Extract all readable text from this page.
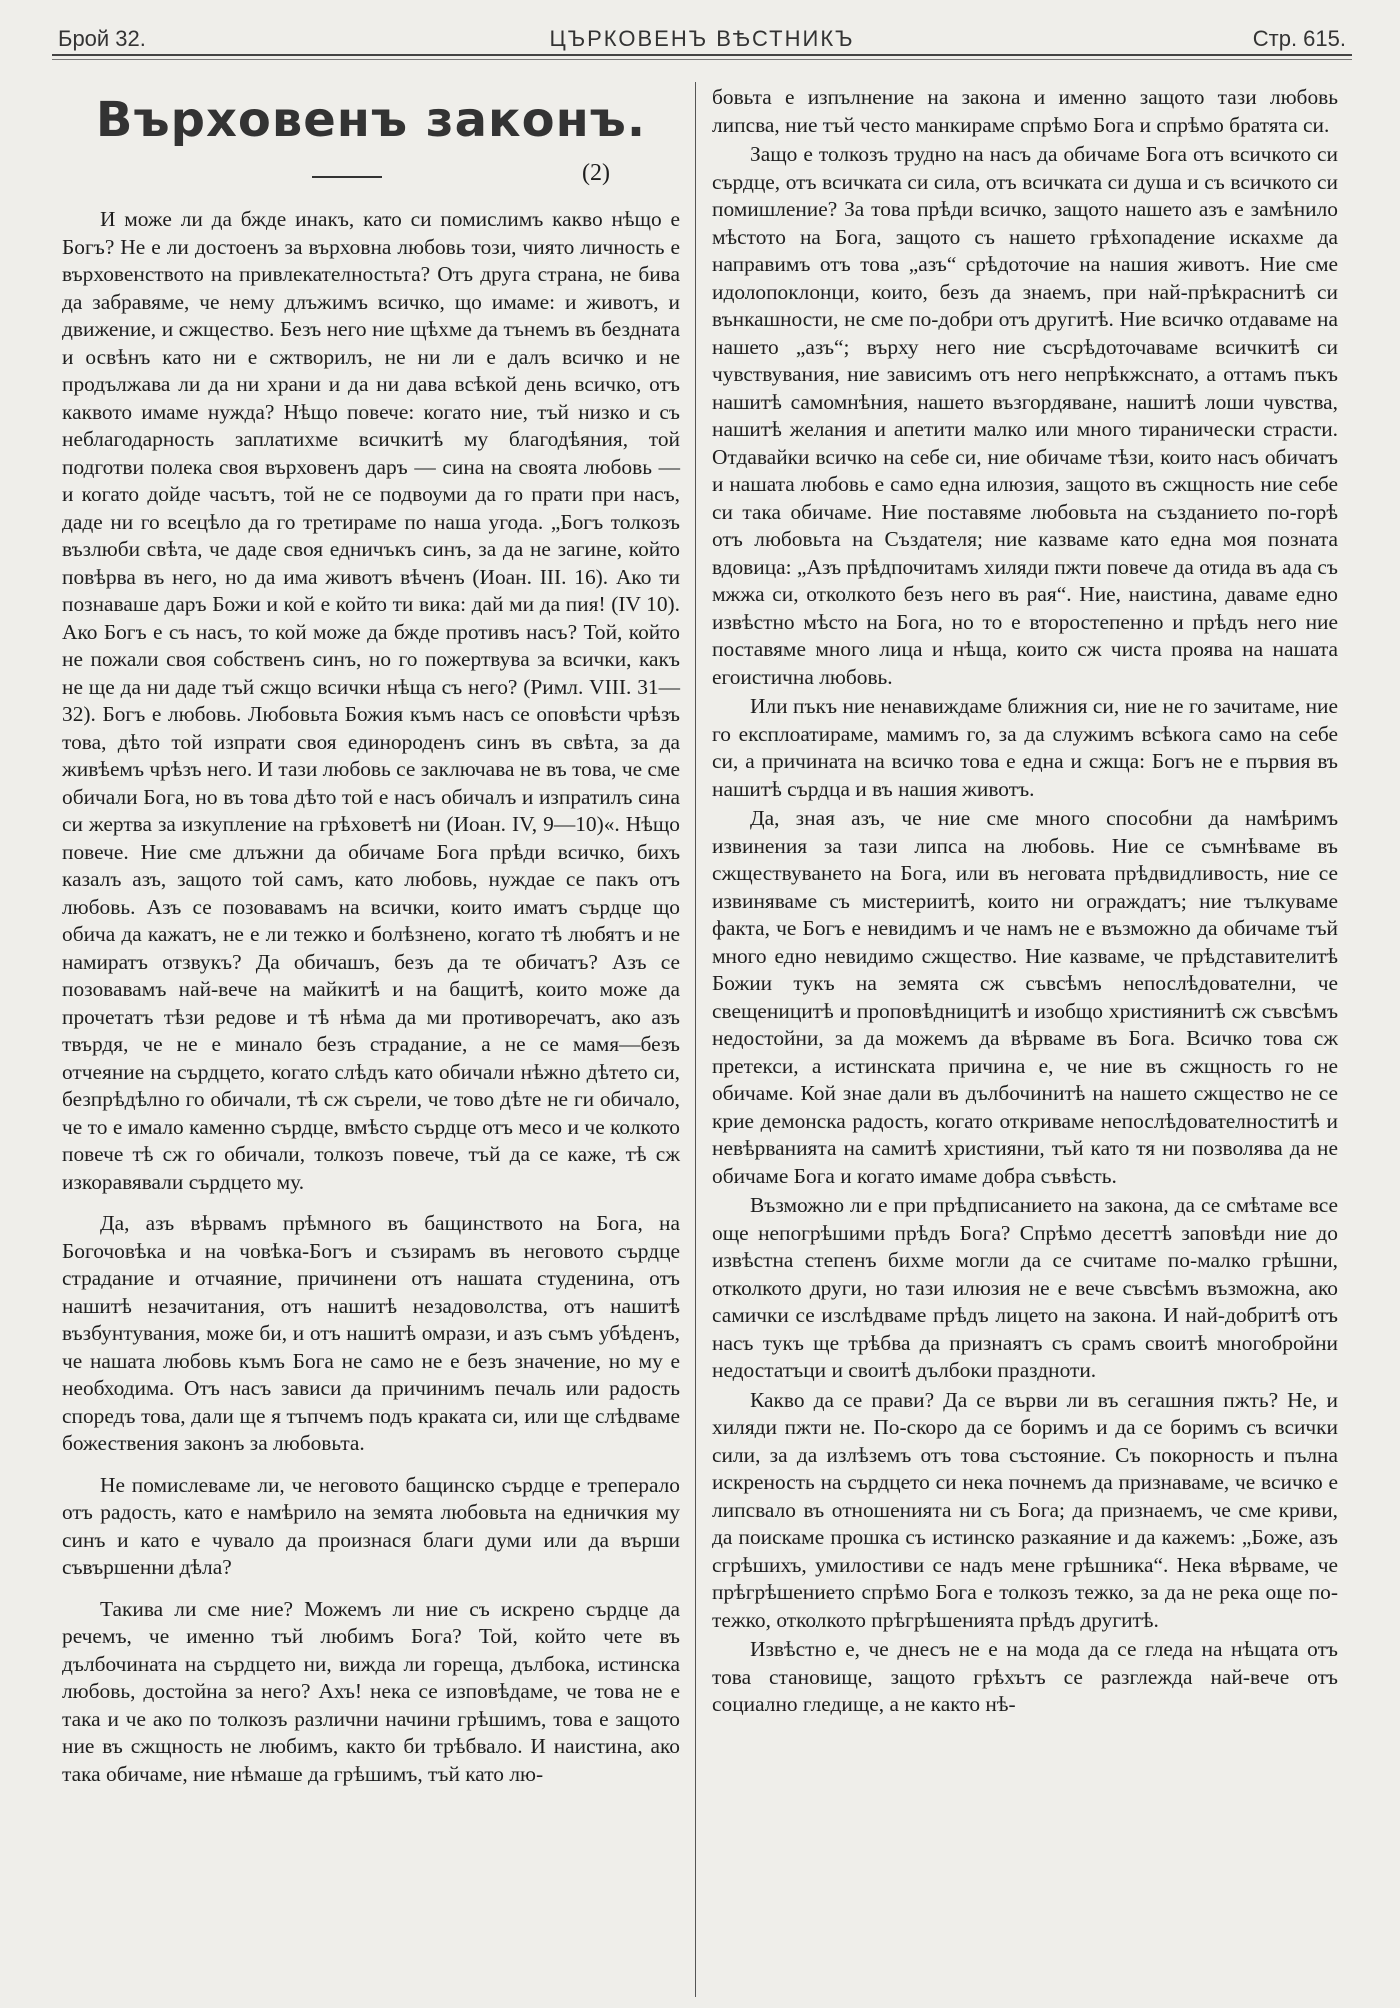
Брой 32.	ЦЪРКОВЕНЪ ВѢСТНИКЪ	Стр. 615.
Върховенъ законъ.
(2)

И може ли да бжде инакъ, като си помислимъ какво нѣщо е Богъ? Не е ли достоенъ за върховна любовь този, чиято личность е върховенството на привлекателностьта? Отъ друга страна, не бива да забравяме, че нему длъжимъ всичко, що имаме: и животъ, и движение, и сжщество. Безъ него ние щѣхме да тънемъ въ бездната и освѣнъ като ни е сжтворилъ, не ни ли е далъ всичко и не продължава ли да ни храни и да ни дава всѣкой день всичко, отъ каквото имаме нужда? Нѣщо повече: когато ние, тъй низко и съ неблагодарность заплатихме всичкитѣ му благодѣяния, той подготви полека своя върховенъ даръ — сина на своята любовь — и когато дойде часътъ, той не се подвоуми да го прати при насъ, даде ни го всецѣло да го третираме по наша угода. „Богъ толкозъ възлюби свѣта, че даде своя едничъкъ синъ, за да не загине, който повѣрва въ него, но да има животъ вѣченъ (Иоан. III. 16). Ако ти познаваше даръ Божи и кой е който ти вика: дай ми да пия! (IV 10). Ако Богъ е съ насъ, то кой може да бжде противъ насъ? Той, който не пожали своя собственъ синъ, но го пожертвува за всички, какъ не ще да ни даде тъй сжщо всички нѣща съ него? (Римл. VIII. 31—32). Богъ е любовь. Любовьта Божия къмъ насъ се оповѣсти чрѣзъ това, дѣто той изпрати своя единороденъ синъ въ свѣта, за да живѣемъ чрѣзъ него. И тази любовь се заключава не въ това, че сме обичали Бога, но въ това дѣто той е насъ обичалъ и изпратилъ сина си жертва за изкупление на грѣховетѣ ни (Иоан. IV, 9—10)«. Нѣщо повече. Ние сме длъжни да обичаме Бога прѣди всичко, бихъ казалъ азъ, защото той самъ, като любовь, нуждае се пакъ отъ любовь. Азъ се позовавамъ на всички, които иматъ сърдце що обича да кажатъ, не е ли тежко и болѣзнено, когато тѣ любятъ и не намиратъ отзвукъ? Да обичашъ, безъ да те обичатъ? Азъ се позовавамъ най-вече на майкитѣ и на бащитѣ, които може да прочетатъ тѣзи редове и тѣ нѣма да ми противоречатъ, ако азъ твърдя, че не е минало безъ страдание, а не се мамя—безъ отчеяние на сърдцето, когато слѣдъ като обичали нѣжно дѣтето си, безпрѣдѣлно го обичали, тѣ сж сърели, че тово дѣте не ги обичало, че то е имало каменно сърдце, вмѣсто сърдце отъ месо и че колкото повече тѣ сж го обичали, толкозъ повече, тъй да се каже, тѣ сж изкоравявали сърдцето му.

Да, азъ вѣрвамъ прѣмного въ бащинството на Бога, на Богочовѣка и на човѣка-Богъ и съзирамъ въ неговото сърдце страдание и отчаяние, причинени отъ нашата студенина, отъ нашитѣ незачитания, отъ нашитѣ незадоволства, отъ нашитѣ възбунтувания, може би, и отъ нашитѣ омрази, и азъ съмъ убѣденъ, че нашата любовь къмъ Бога не само не е безъ значение, но му е необходима. Отъ насъ зависи да причинимъ печаль или радость споредъ това, дали ще я тъпчемъ подъ краката си, или ще слѣдваме божествения законъ за любовьта.

Не помислеваме ли, че неговото бащинско сърдце е треперало отъ радость, като е намѣрило на земята любовьта на едничкия му синъ и като е чувало да произнася благи думи или да върши съвършенни дѣла?

Такива ли сме ние? Можемъ ли ние съ искрено сърдце да речемъ, че именно тъй любимъ Бога? Той, който чете въ дълбочината на сърдцето ни, вижда ли гореща, дълбока, истинска любовь, достойна за него? Ахъ! нека се изповѣдаме, че това не е така и че ако по толкозъ различни начини грѣшимъ, това е защото ние въ сжщность не любимъ, както би трѣбвало. И наистина, ако така обичаме, ние нѣмаше да грѣшимъ, тъй като лю-

бовьта е изпълнение на закона и именно защото тази любовь липсва, ние тъй често манкираме спрѣмо Бога и спрѣмо братята си.

Защо е толкозъ трудно на насъ да обичаме Бога отъ всичкото си сърдце, отъ всичката си сила, отъ всичката си душа и съ всичкото си помишление? За това прѣди всичко, защото нашето азъ е замѣнило мѣстото на Бога, защото съ нашето грѣхопадение искахме да направимъ отъ това „азъ“ срѣдоточие на нашия животъ. Ние сме идолопоклонци, които, безъ да знаемъ, при най-прѣкраснитѣ си вънкашности, не сме по-добри отъ другитѣ. Ние всичко отдаваме на нашето „азъ“; върху него ние съсрѣдоточаваме всичкитѣ си чувствувания, ние зависимъ отъ него непрѣкжснато, а оттамъ пъкъ нашитѣ самомнѣния, нашето възгордяване, нашитѣ лоши чувства, нашитѣ желания и апетити малко или много тиранически страсти. Отдавайки всичко на себе си, ние обичаме тѣзи, които насъ обичатъ и нашата любовь е само една илюзия, защото въ сжщность ние себе си така обичаме. Ние поставяме любовьта на създанието по-горѣ отъ любовьта на Създателя; ние казваме като една моя позната вдовица: „Азъ прѣдпочитамъ хиляди пжти повече да отида въ ада съ мжжа си, отколкото безъ него въ рая“. Ние, наистина, даваме едно извѣстно мѣсто на Бога, но то е второстепенно и прѣдъ него ние поставяме много лица и нѣща, които сж чиста проява на нашата егоистична любовь.

Или пъкъ ние ненавиждаме ближния си, ние не го зачитаме, ние го експлоатираме, мамимъ го, за да служимъ всѣкога само на себе си, а причината на всичко това е една и сжща: Богъ не е първия въ нашитѣ сърдца и въ нашия животъ.

Да, зная азъ, че ние сме много способни да намѣримъ извинения за тази липса на любовь. Ние се съмнѣваме въ сжществуването на Бога, или въ неговата прѣдвидливость, ние се извиняваме съ мистериитѣ, които ни ограждатъ; ние тълкуваме факта, че Богъ е невидимъ и че намъ не е възможно да обичаме тъй много едно невидимо сжщество. Ние казваме, че прѣдставителитѣ Божии тукъ на земята сж съвсѣмъ непослѣдователни, че свещеницитѣ и проповѣдницитѣ и изобщо християнитѣ сж съвсѣмъ недостойни, за да можемъ да вѣрваме въ Бога. Всичко това сж претекси, а истинската причина е, че ние въ сжщность го не обичаме. Кой знае дали въ дълбочинитѣ на нашето сжщество не се крие демонска радость, когато откриваме непослѣдователноститѣ и невѣрванията на самитѣ християни, тъй като тя ни позволява да не обичаме Бога и когато имаме добра съвѣсть.

Възможно ли е при прѣдписанието на закона, да се смѣтаме все още непогрѣшими прѣдъ Бога? Спрѣмо десеттѣ заповѣди ние до извѣстна степенъ бихме могли да се считаме по-малко грѣшни, отколкото други, но тази илюзия не е вече съвсѣмъ възможна, ако самички се изслѣдваме прѣдъ лицето на закона. И най-добритѣ отъ насъ тукъ ще трѣбва да признаятъ съ срамъ своитѣ многобройни недостатъци и своитѣ дълбоки праздноти.

Какво да се прави? Да се върви ли въ сегашния пжть? Не, и хиляди пжти не. По-скоро да се боримъ и да се боримъ съ всички сили, за да излѣземъ отъ това състояние. Съ покорность и пълна искреность на сърдцето си нека почнемъ да признаваме, че всичко е липсвало въ отношенията ни съ Бога; да признаемъ, че сме криви, да поискаме прошка съ истинско разкаяние и да кажемъ: „Боже, азъ сгрѣшихъ, умилостиви се надъ мене грѣшника“. Нека вѣрваме, че прѣгрѣшението спрѣмо Бога е толкозъ тежко, за да не река още по-тежко, отколкото прѣгрѣшенията прѣдъ другитѣ.

Извѣстно е, че днесъ не е на мода да се гледа на нѣщата отъ това становище, защото грѣхътъ се разглежда най-вече отъ социално гледище, а не както нѣ-
